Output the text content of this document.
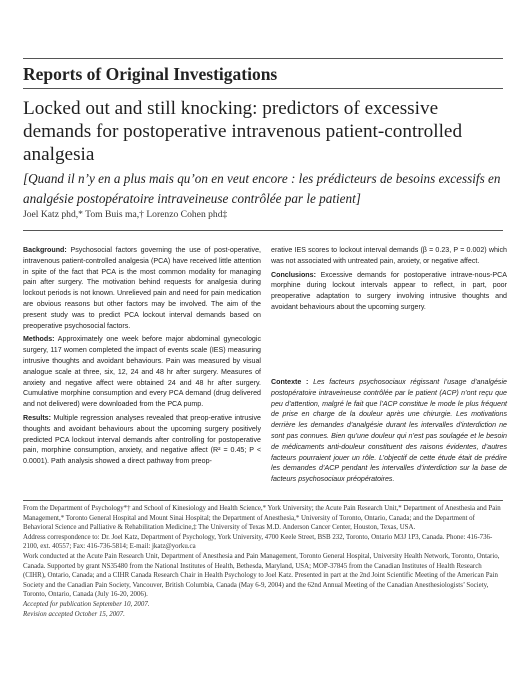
Reports of Original Investigations
Locked out and still knocking: predictors of excessive demands for postoperative intravenous patient-controlled analgesia
[Quand il n’y en a plus mais qu’on en veut encore : les prédicteurs de besoins excessifs en analgésie postopératoire intraveineuse contrôlée par le patient]
Joel Katz phd,* Tom Buis ma,† Lorenzo Cohen phd‡

Background: Psychosocial factors governing the use of post-operative, intravenous patient-controlled analgesia (PCA) have received little attention in spite of the fact that PCA is the most common modality for managing pain after surgery. The motivation behind requests for analgesia during lockout periods is not known. Unrelieved pain and need for pain medication are obvious reasons but other factors may be involved. The aim of the present study was to predict PCA lockout interval demands based on preoperative psychosocial factors.

Methods: Approximately one week before major abdominal gynecologic surgery, 117 women completed the impact of events scale (IES) measuring intrusive thoughts and avoidant behaviours. Pain was measured by visual analogue scale at three, six, 12, 24 and 48 hr after surgery. Measures of anxiety and negative affect were obtained 24 and 48 hr after surgery. Cumulative morphine consumption and every PCA demand (drug delivered and not delivered) were downloaded from the PCA pump.

Results: Multiple regression analyses revealed that preop-erative intrusive thoughts and avoidant behaviours about the upcoming surgery positively predicted PCA lockout interval demands after controlling for postoperative pain, morphine consumption, anxiety, and negative affect (R² = 0.45; P < 0.0001). Path analysis showed a direct pathway from preop-

erative IES scores to lockout interval demands (β = 0.23, P = 0.002) which was not associated with untreated pain, anxiety, or negative affect.

Conclusions: Excessive demands for postoperative intrave-nous-PCA morphine during lockout intervals appear to reflect, in part, poor preoperative adaptation to surgery involving intrusive thoughts and avoidant behaviours about the upcoming surgery.

Contexte : Les facteurs psychosociaux régissant l’usage d’analgésie postopératoire intraveineuse contrôlée par le patient (ACP) n’ont reçu que peu d’attention, malgré le fait que l’ACP constitue le mode le plus fréquent de prise en charge de la douleur après une chirurgie. Les motivations derrière les demandes d’analgésie durant les intervalles d’interdiction ne sont pas connues. Bien qu’une douleur qui n’est pas soulagée et le besoin de médicaments anti-douleur constituent des raisons évidentes, d’autres facteurs pourraient jouer un rôle. L’objectif de cette étude était de prédire les demandes d’ACP pendant les intervalles d’interdiction sur la base de facteurs psychosociaux préopératoires.

From the Department of Psychology*† and School of Kinesiology and Health Science,* York University; the Acute Pain Research Unit,* Department of Anesthesia and Pain Management,* Toronto General Hospital and Mount Sinai Hospital; the Department of Anesthesia,* University of Toronto, Ontario, Canada; and the Department of Behavioral Science and Palliative & Rehabilitation Medicine,‡ The University of Texas M.D. Anderson Cancer Center, Houston, Texas, USA.
Address correspondence to: Dr. Joel Katz, Department of Psychology, York University, 4700 Keele Street, BSB 232, Toronto, Ontario M3J 1P3, Canada. Phone: 416-736-2100, ext. 40557; Fax: 416-736-5814; E-mail: jkatz@yorku.ca
Work conducted at the Acute Pain Research Unit, Department of Anesthesia and Pain Management, Toronto General Hospital, University Health Network, Toronto, Ontario, Canada. Supported by grant NS35480 from the National Institutes of Health, Bethesda, Maryland, USA; MOP-37845 from the Canadian Institutes of Health Research (CIHR), Ontario, Canada; and a CIHR Canada Research Chair in Health Psychology to Joel Katz. Presented in part at the 2nd Joint Scientific Meeting of the American Pain Society and the Canadian Pain Society, Vancouver, British Columbia, Canada (May 6-9, 2004) and the 62nd Annual Meeting of the Canadian Anesthesiologists’ Society, Toronto, Ontario, Canada (July 16-20, 2006).
Accepted for publication September 10, 2007.
Revision accepted October 15, 2007.
